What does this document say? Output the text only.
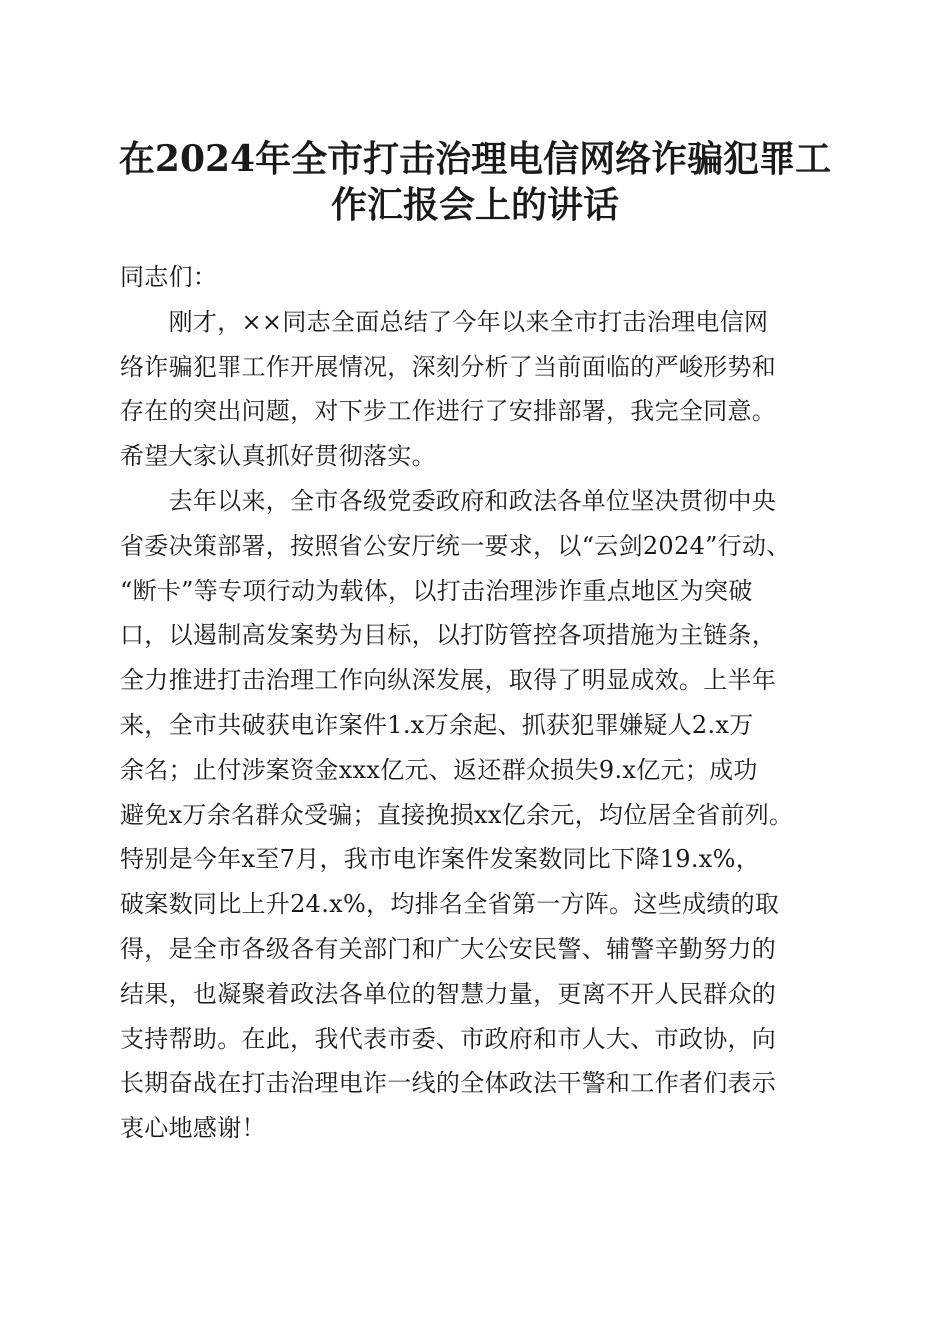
在2024年全市打击治理电信网络诈骗犯罪工
作汇报会上的讲话
同志们：
　　刚才，××同志全面总结了今年以来全市打击治理电信网
络诈骗犯罪工作开展情况，深刻分析了当前面临的严峻形势和
存在的突出问题，对下步工作进行了安排部署，我完全同意。
希望大家认真抓好贯彻落实。
　　去年以来，全市各级党委政府和政法各单位坚决贯彻中央
省委决策部署，按照省公安厅统一要求，以“云剑2024”行动、
“断卡”等专项行动为载体，以打击治理涉诈重点地区为突破
口，以遏制高发案势为目标，以打防管控各项措施为主链条，
全力推进打击治理工作向纵深发展，取得了明显成效。上半年
来，全市共破获电诈案件1.x万余起、抓获犯罪嫌疑人2.x万
余名；止付涉案资金xxx亿元、返还群众损失9.x亿元；成功
避免x万余名群众受骗；直接挽损xx亿余元，均位居全省前列。
特别是今年x至7月，我市电诈案件发案数同比下降19.x%，
破案数同比上升24.x%，均排名全省第一方阵。这些成绩的取
得，是全市各级各有关部门和广大公安民警、辅警辛勤努力的
结果，也凝聚着政法各单位的智慧力量，更离不开人民群众的
支持帮助。在此，我代表市委、市政府和市人大、市政协，向
长期奋战在打击治理电诈一线的全体政法干警和工作者们表示
衷心地感谢！
